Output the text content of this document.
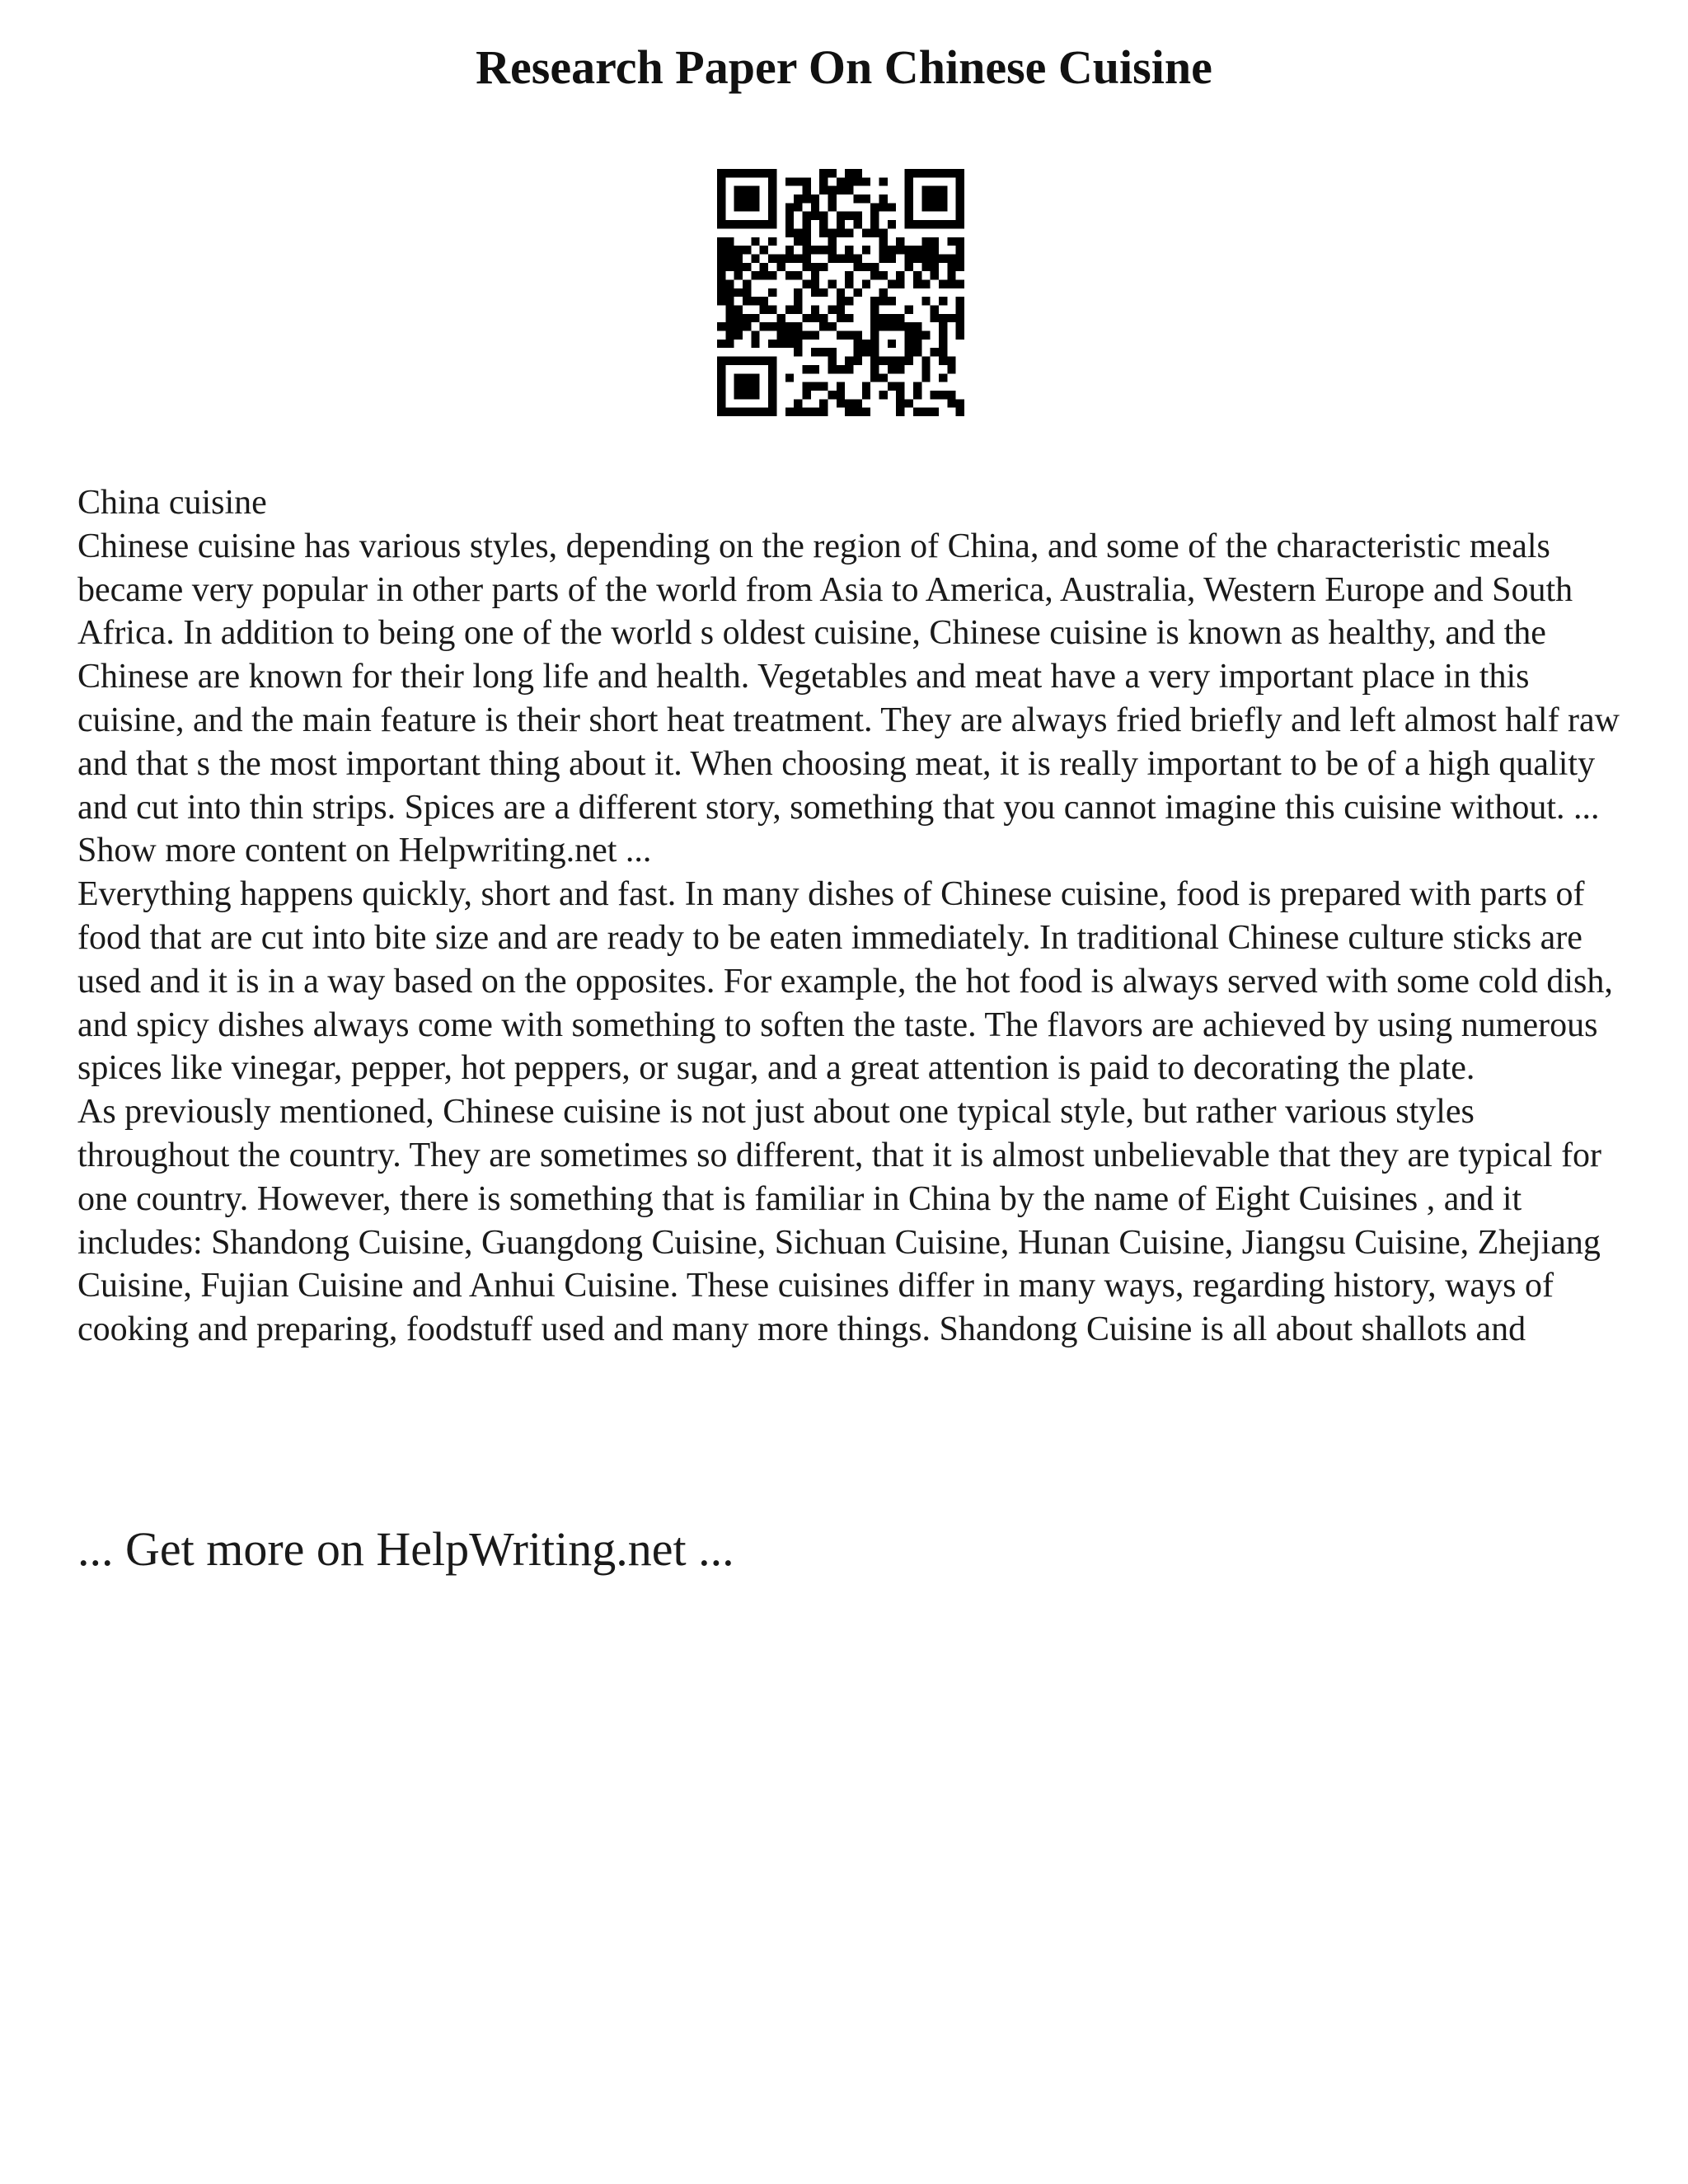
Research Paper On Chinese Cuisine

China cuisine

Chinese cuisine has various styles, depending on the region of China, and some of the characteristic meals became very popular in other parts of the world from Asia to America, Australia, Western Europe and South Africa. In addition to being one of the world s oldest cuisine, Chinese cuisine is known as healthy, and the Chinese are known for their long life and health. Vegetables and meat have a very important place in this cuisine, and the main feature is their short heat treatment. They are always fried briefly and left almost half raw and that s the most important thing about it. When choosing meat, it is really important to be of a high quality and cut into thin strips. Spices are a different story, something that you cannot imagine this cuisine without. ... Show more content on Helpwriting.net ...

Everything happens quickly, short and fast. In many dishes of Chinese cuisine, food is prepared with parts of food that are cut into bite size and are ready to be eaten immediately. In traditional Chinese culture sticks are used and it is in a way based on the opposites. For example, the hot food is always served with some cold dish, and spicy dishes always come with something to soften the taste. The flavors are achieved by using numerous spices like vinegar, pepper, hot peppers, or sugar, and a great attention is paid to decorating the plate.

As previously mentioned, Chinese cuisine is not just about one typical style, but rather various styles throughout the country. They are sometimes so different, that it is almost unbelievable that they are typical for one country. However, there is something that is familiar in China by the name of Eight Cuisines , and it includes: Shandong Cuisine, Guangdong Cuisine, Sichuan Cuisine, Hunan Cuisine, Jiangsu Cuisine, Zhejiang Cuisine, Fujian Cuisine and Anhui Cuisine. These cuisines differ in many ways, regarding history, ways of cooking and preparing, foodstuff used and many more things. Shandong Cuisine is all about shallots and

... Get more on HelpWriting.net ...
